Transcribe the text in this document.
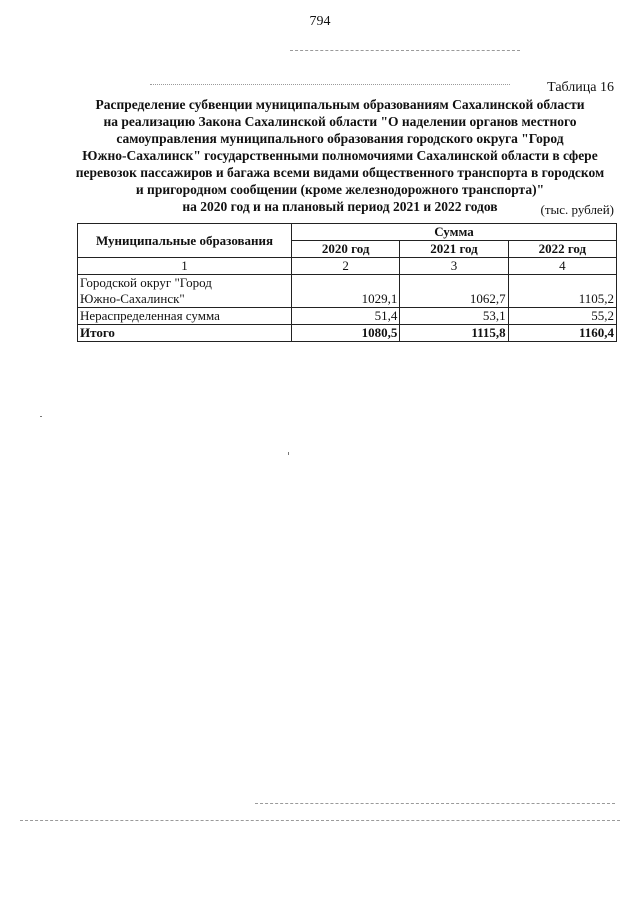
794
Таблица 16
Распределение субвенции муниципальным образованиям Сахалинской области
на реализацию Закона Сахалинской области "О наделении органов местного
самоуправления муниципального образования городского округа "Город
Южно-Сахалинск" государственными полномочиями Сахалинской области в сфере
перевозок пассажиров и багажа всеми видами общественного транспорта в городском
и пригородном сообщении (кроме железнодорожного транспорта)"
на 2020 год и на плановый период 2021 и 2022 годов	(тыс. рублей)
Муниципальные образования	Сумма		
	2020 год	2021 год	2022 год
1	2	3	4

Городской округ "Город
Южно-Сахалинск"	1029,1	1062,7	1105,2
Нераспределенная сумма	51,4	53,1	55,2
Итого	1080,5	1115,8	1160,4
